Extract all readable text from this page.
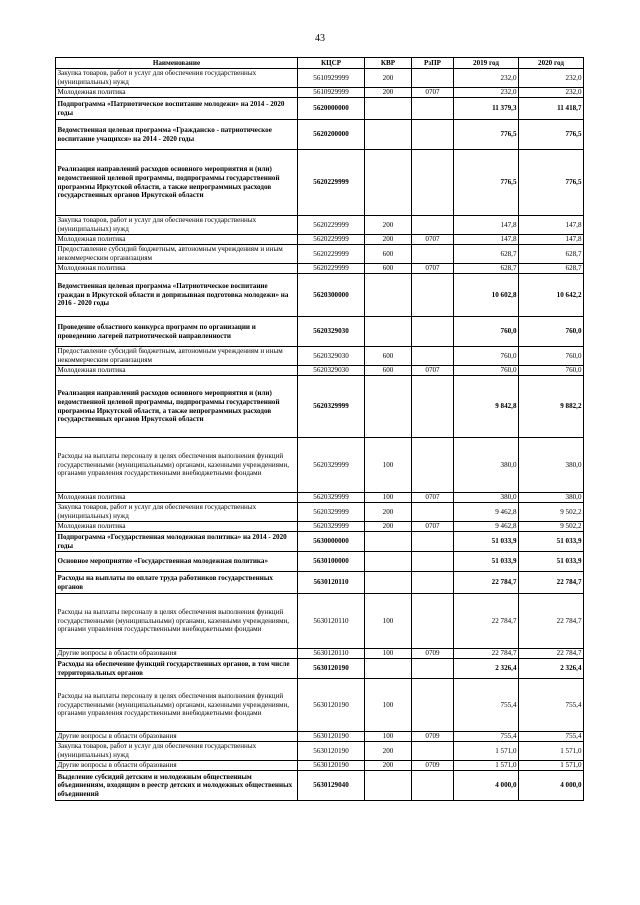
43
Наименование	КЦСР	КВР	РзПР	2019 год	2020 год
Закупка товаров, работ и услуг для обеспечения государственных (муниципальных) нужд	5610929999	200		232,0	232,0
Молодежная политика	5610929999	200	0707	232,0	232,0
Подпрограмма «Патриотическое воспитание молодежи» на 2014 - 2020 годы	5620000000			11 379,3	11 418,7
Ведомственная целевая программа «Гражданско - патриотическое воспитание учащихся» на 2014 - 2020 годы	5620200000			776,5	776,5
Реализация направлений расходов основного мероприятия и (или) ведомственной целевой программы, подпрограммы государственной программы Иркутской области, а также непрограммных расходов государственных органов Иркутской области	5620229999			776,5	776,5
Закупка товаров, работ и услуг для обеспечения государственных (муниципальных) нужд	5620229999	200		147,8	147,8
Молодежная политика	5620229999	200	0707	147,8	147,8
Предоставление субсидий бюджетным, автономным учреждениям и иным некоммерческим организациям	5620229999	600		628,7	628,7
Молодежная политика	5620229999	600	0707	628,7	628,7
Ведомственная целевая программа «Патриотическое воспитание граждан в Иркутской области и допризывная подготовка молодежи» на 2016 - 2020 годы	5620300000			10 602,8	10 642,2
Проведение областного конкурса программ по организации и проведению лагерей патриотической направленности	5620329030			760,0	760,0
Предоставление субсидий бюджетным, автономным учреждениям и иным некоммерческим организациям	5620329030	600		760,0	760,0
Молодежная политика	5620329030	600	0707	760,0	760,0
Реализация направлений расходов основного мероприятия и (или) ведомственной целевой программы, подпрограммы государственной программы Иркутской области, а также непрограммных расходов государственных органов Иркутской области	5620329999			9 842,8	9 882,2
Расходы на выплаты персоналу в целях обеспечения выполнения функций государственными (муниципальными) органами, казенными учреждениями, органами управления государственными внебюджетными фондами	5620329999	100		380,0	380,0
Молодежная политика	5620329999	100	0707	380,0	380,0
Закупка товаров, работ и услуг для обеспечения государственных (муниципальных) нужд	5620329999	200		9 462,8	9 502,2
Молодежная политика	5620329999	200	0707	9 462,8	9 502,2
Подпрограмма «Государственная молодежная политика» на 2014 - 2020 годы	5630000000			51 033,9	51 033,9
Основное мероприятие «Государственная молодежная политика»	5630100000			51 033,9	51 033,9
Расходы на выплаты по оплате труда работников государственных органов	5630120110			22 784,7	22 784,7
Расходы на выплаты персоналу в целях обеспечения выполнения функций государственными (муниципальными) органами, казенными учреждениями, органами управления государственными внебюджетными фондами	5630120110	100		22 784,7	22 784,7
Другие вопросы в области образования	5630120110	100	0709	22 784,7	22 784,7
Расходы на обеспечение функций государственных органов, в том числе территориальных органов	5630120190			2 326,4	2 326,4
Расходы на выплаты персоналу в целях обеспечения выполнения функций государственными (муниципальными) органами, казенными учреждениями, органами управления государственными внебюджетными фондами	5630120190	100		755,4	755,4
Другие вопросы в области образования	5630120190	100	0709	755,4	755,4
Закупка товаров, работ и услуг для обеспечения государственных (муниципальных) нужд	5630120190	200		1 571,0	1 571,0
Другие вопросы в области образования	5630120190	200	0709	1 571,0	1 571,0
Выделение субсидий детским и молодежным общественным объединениям, входящим в реестр детских и молодежных общественных объединений	5630129040			4 000,0	4 000,0
